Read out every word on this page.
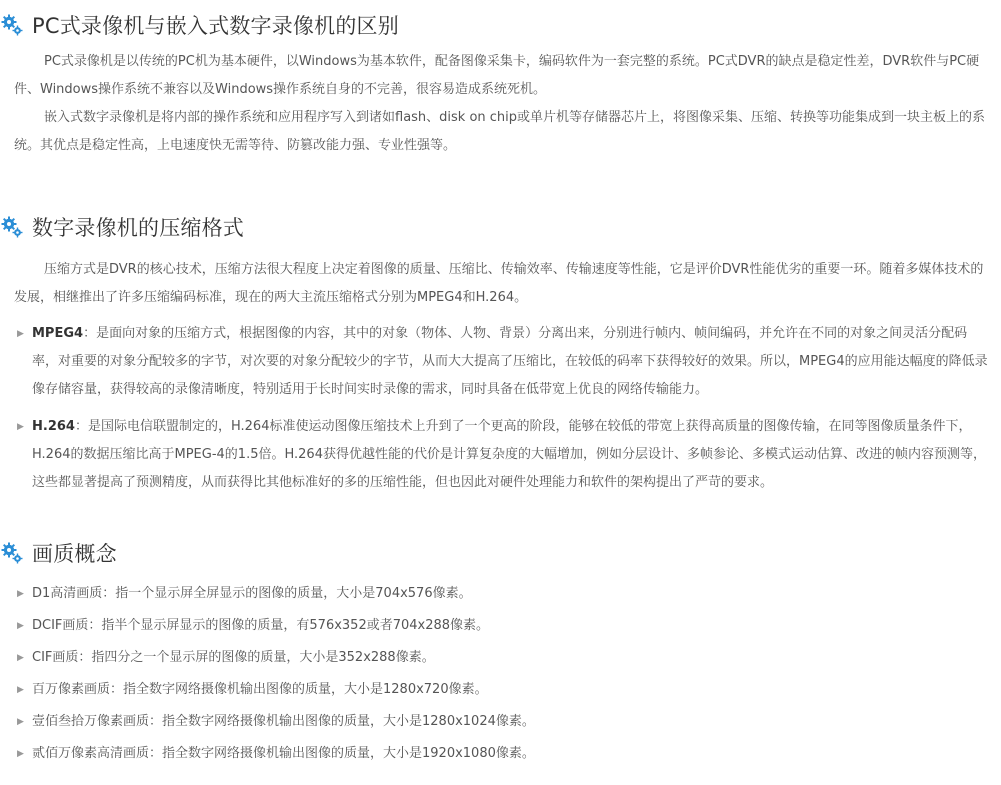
PC式录像机与嵌入式数字录像机的区别

PC式录像机是以传统的PC机为基本硬件，以Windows为基本软件，配备图像采集卡，编码软件为一套完整的系统。PC式DVR的缺点是稳定性差，DVR软件与PC硬件、Windows操作系统不兼容以及Windows操作系统自身的不完善，很容易造成系统死机。

嵌入式数字录像机是将内部的操作系统和应用程序写入到诸如flash、disk on chip或单片机等存储器芯片上，将图像采集、压缩、转换等功能集成到一块主板上的系统。其优点是稳定性高，上电速度快无需等待、防篡改能力强、专业性强等。

数字录像机的压缩格式

压缩方式是DVR的核心技术，压缩方法很大程度上决定着图像的质量、压缩比、传输效率、传输速度等性能，它是评价DVR性能优劣的重要一环。随着多媒体技术的发展，相继推出了许多压缩编码标准，现在的两大主流压缩格式分别为MPEG4和H.264。

▶ MPEG4：是面向对象的压缩方式，根据图像的内容，其中的对象（物体、人物、背景）分离出来，分别进行帧内、帧间编码，并允许在不同的对象之间灵活分配码率，对重要的对象分配较多的字节，对次要的对象分配较少的字节，从而大大提高了压缩比，在较低的码率下获得较好的效果。所以，MPEG4的应用能达幅度的降低录像存储容量，获得较高的录像清晰度，特别适用于长时间实时录像的需求，同时具备在低带宽上优良的网络传输能力。
▶ H.264：是国际电信联盟制定的，H.264标准使运动图像压缩技术上升到了一个更高的阶段，能够在较低的带宽上获得高质量的图像传输，在同等图像质量条件下，H.264的数据压缩比高于MPEG-4的1.5倍。H.264获得优越性能的代价是计算复杂度的大幅增加，例如分层设计、多帧参论、多模式运动估算、改进的帧内容预测等，这些都显著提高了预测精度，从而获得比其他标准好的多的压缩性能，但也因此对硬件处理能力和软件的架构提出了严苛的要求。
画质概念
▶ D1高清画质：指一个显示屏全屏显示的图像的质量，大小是704x576像素。
▶ DCIF画质：指半个显示屏显示的图像的质量，有576x352或者704x288像素。
▶ CIF画质：指四分之一个显示屏的图像的质量，大小是352x288像素。
▶ 百万像素画质：指全数字网络摄像机输出图像的质量，大小是1280x720像素。
▶ 壹佰叁拾万像素画质：指全数字网络摄像机输出图像的质量，大小是1280x1024像素。
▶ 贰佰万像素高清画质：指全数字网络摄像机输出图像的质量，大小是1920x1080像素。
